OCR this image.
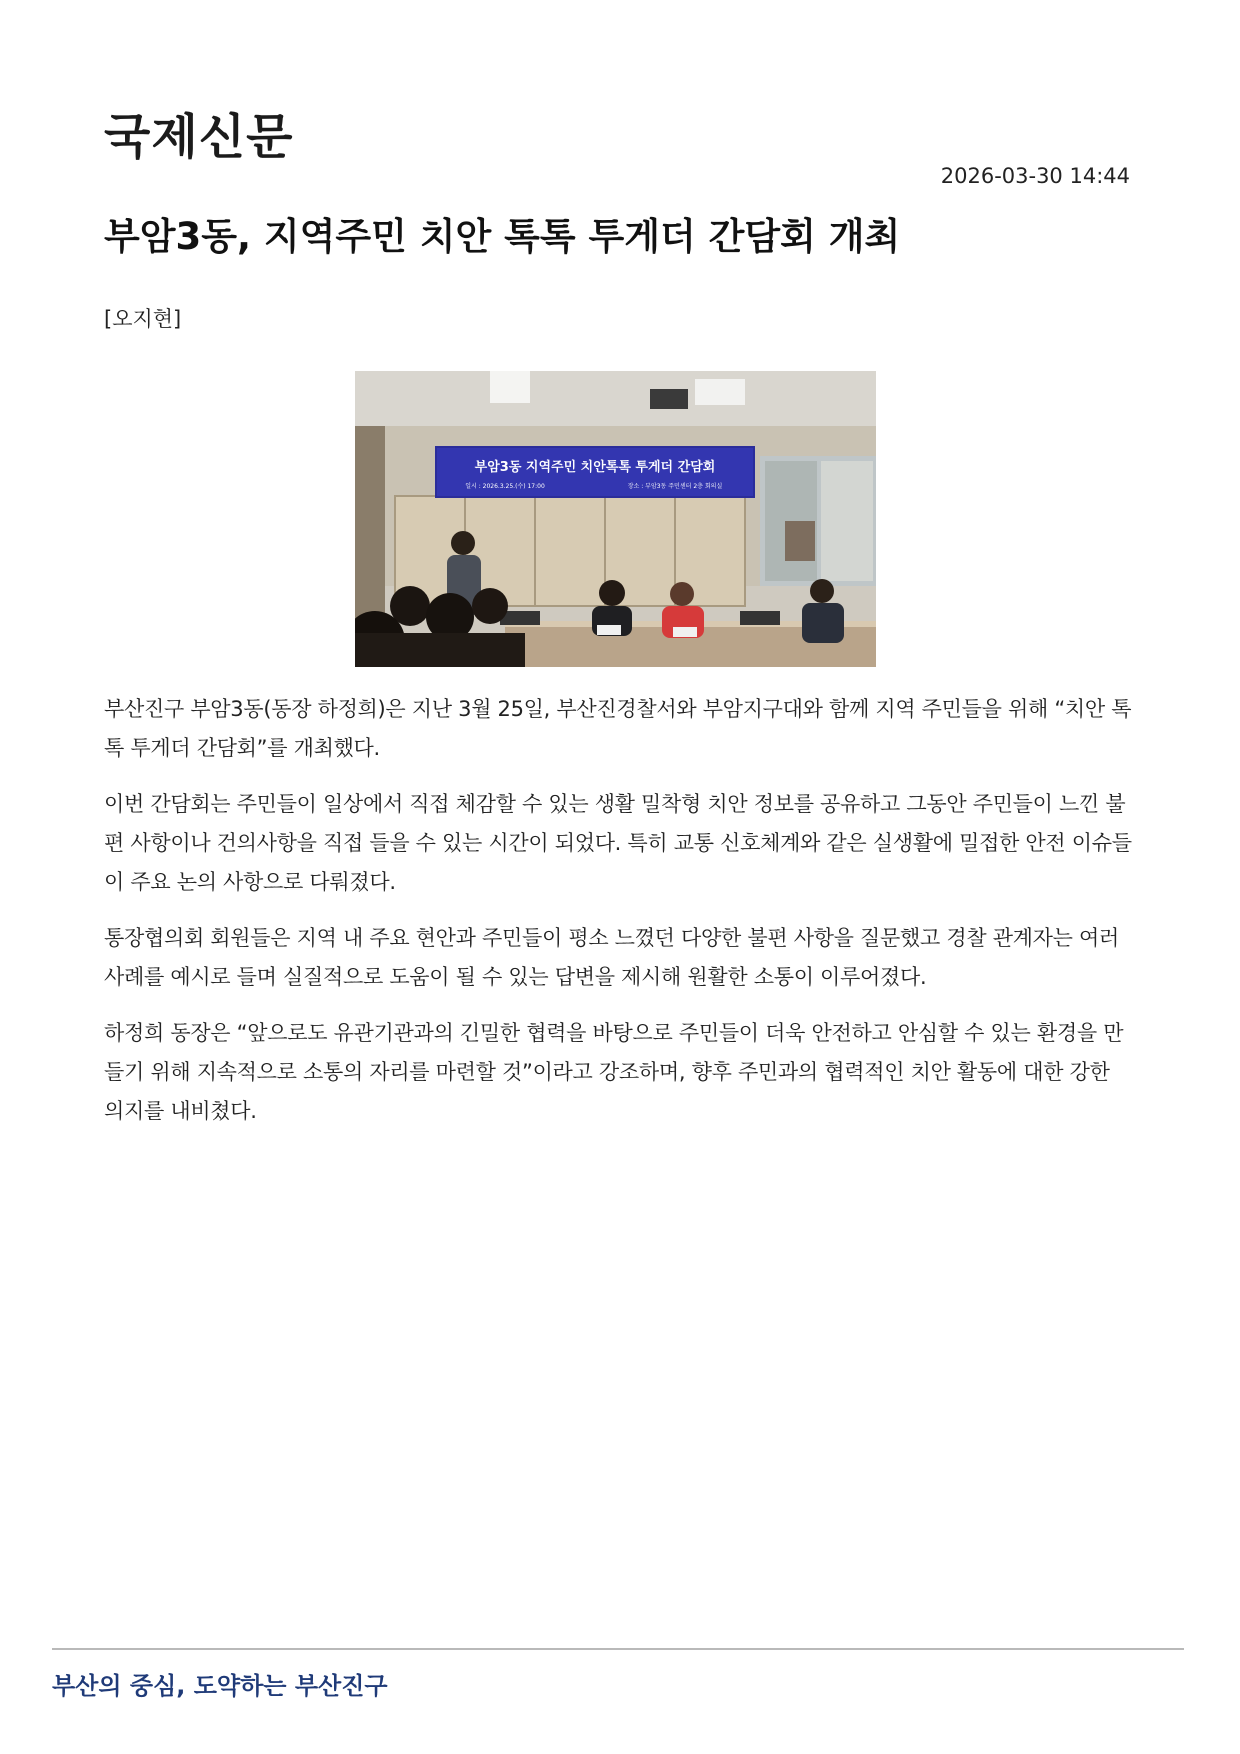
국제신문
2026-03-30 14:44
부암3동, 지역주민 치안 톡톡 투게더 간담회 개최
[오지현]
부암3동 지역주민 치안톡톡 투게더 간담회
일시 : 2026.3.25.(수) 17:00	장소 : 부암3동 주민센터 2층 회의실

부산진구 부암3동(동장 하정희)은 지난 3월 25일, 부산진경찰서와 부암지구대와 함께 지역 주민들을 위해 “치안 톡톡 투게더 간담회”를 개최했다.

이번 간담회는 주민들이 일상에서 직접 체감할 수 있는 생활 밀착형 치안 정보를 공유하고 그동안 주민들이 느낀 불편 사항이나 건의사항을 직접 들을 수 있는 시간이 되었다. 특히 교통 신호체계와 같은 실생활에 밀접한 안전 이슈들이 주요 논의 사항으로 다뤄졌다.

통장협의회 회원들은 지역 내 주요 현안과 주민들이 평소 느꼈던 다양한 불편 사항을 질문했고 경찰 관계자는 여러 사례를 예시로 들며 실질적으로 도움이 될 수 있는 답변을 제시해 원활한 소통이 이루어졌다.

하정희 동장은 “앞으로도 유관기관과의 긴밀한 협력을 바탕으로 주민들이 더욱 안전하고 안심할 수 있는 환경을 만들기 위해 지속적으로 소통의 자리를 마련할 것”이라고 강조하며, 향후 주민과의 협력적인 치안 활동에 대한 강한 의지를 내비쳤다.

부산의 중심, 도약하는 부산진구
